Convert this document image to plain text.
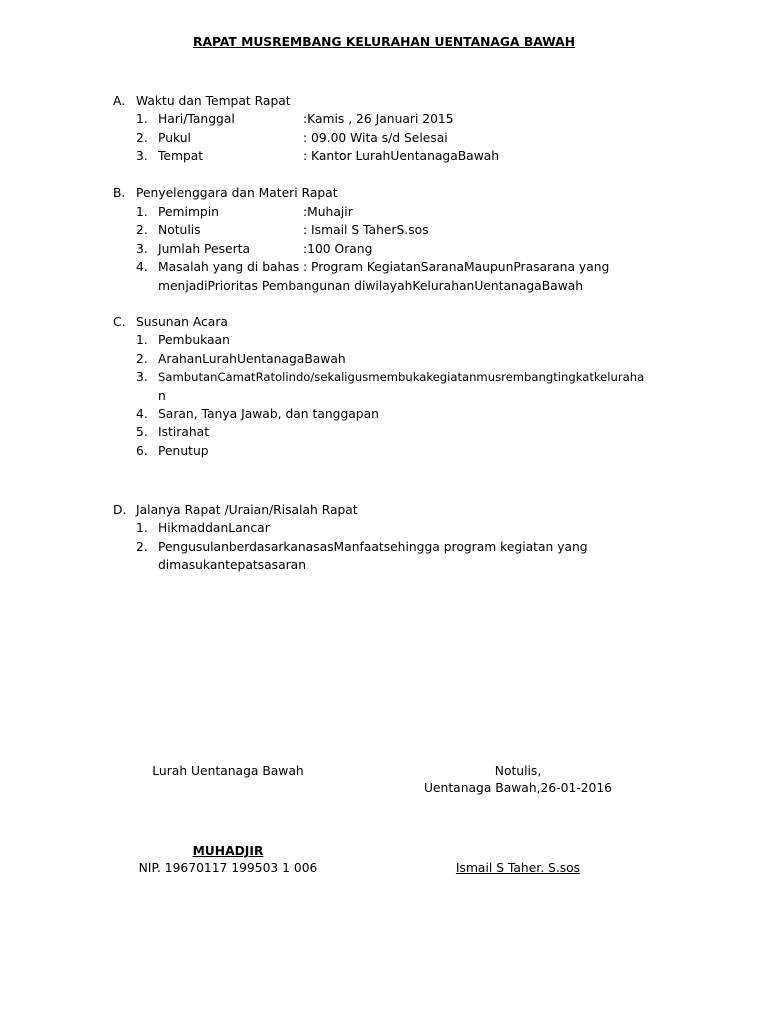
RAPAT MUSREMBANG KELURAHAN UENTANAGA BAWAH
A. Waktu dan Tempat Rapat
1. Hari/Tanggal	:Kamis , 26 Januari 2015
2. Pukul	: 09.00 Wita s/d Selesai
3. Tempat	: Kantor LurahUentanagaBawah
B. Penyelenggara dan Materi Rapat
1. Pemimpin	:Muhajir
2. Notulis	: Ismail S TaherS.sos
3. Jumlah Peserta	:100 Orang
4. Masalah yang di bahas : Program KegiatanSaranaMaupunPrasarana yang
menjadiPrioritas Pembangunan diwilayahKelurahanUentanagaBawah
C. Susunan Acara
1. Pembukaan
2. ArahanLurahUentanagaBawah
3. SambutanCamatRatolindo/sekaligusmembukakegiatanmusrembangtingkatkeluraha
n
4. Saran, Tanya Jawab, dan tanggapan
5. Istirahat
6. Penutup
D. Jalanya Rapat /Uraian/Risalah Rapat
1. HikmaddanLancar
2. PengusulanberdasarkanasasManfaatsehingga program kegiatan yang
dimasukantepatsasaran
Lurah Uentanaga Bawah
MUHADJIR
NIP. 19670117 199503 1 006
Notulis,
Uentanaga Bawah,26-01-2016
Ismail S Taher. S.sos
